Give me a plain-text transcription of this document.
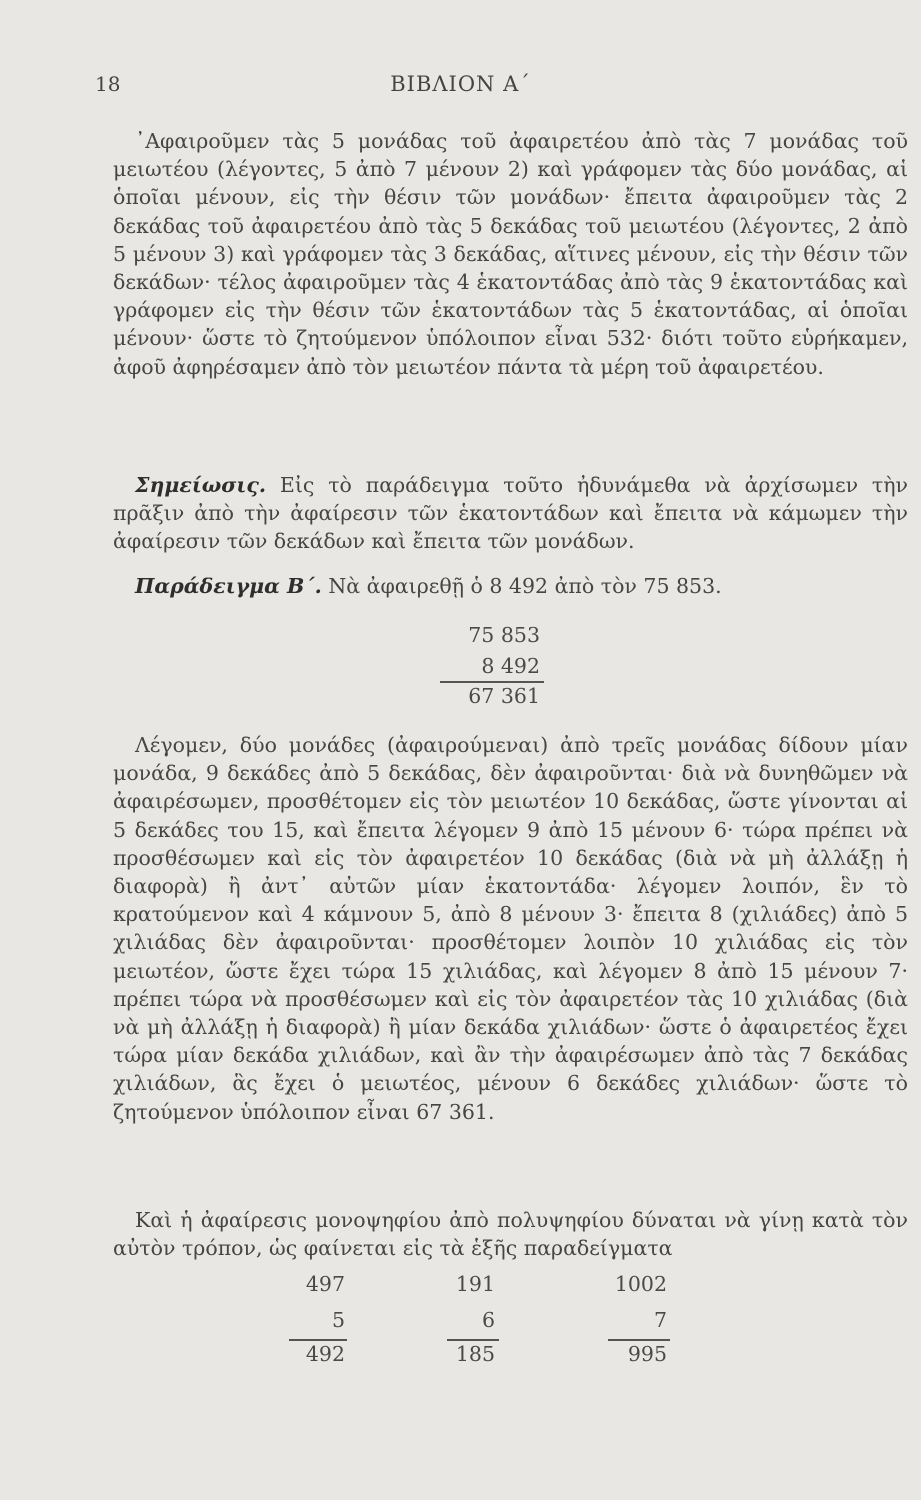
18	ΒΙΒΛΙΟΝ Α΄

᾿Αφαιροῦμεν τὰς 5 μονάδας τοῦ ἀφαιρετέου ἀπὸ τὰς 7 μονάδας τοῦ μειωτέου (λέγοντες, 5 ἀπὸ 7 μένουν 2) καὶ γράφομεν τὰς δύο μονάδας, αἱ ὁποῖαι μένουν, εἰς τὴν θέσιν τῶν μονάδων· ἔπειτα ἀφαιροῦμεν τὰς 2 δεκάδας τοῦ ἀφαιρετέου ἀπὸ τὰς 5 δεκάδας τοῦ μειωτέου (λέγοντες, 2 ἀπὸ 5 μένουν 3) καὶ γράφομεν τὰς 3 δεκάδας, αἵτινες μένουν, εἰς τὴν θέσιν τῶν δεκάδων· τέλος ἀφαιροῦμεν τὰς 4 ἑκατοντάδας ἀπὸ τὰς 9 ἑκατοντάδας καὶ γράφομεν εἰς τὴν θέσιν τῶν ἑκατοντάδων τὰς 5 ἑκατοντάδας, αἱ ὁποῖαι μένουν· ὥστε τὸ ζητούμενον ὑπόλοιπον εἶναι 532· διότι τοῦτο εὑρήκαμεν, ἀφοῦ ἀφηρέσαμεν ἀπὸ τὸν μειωτέον πάντα τὰ μέρη τοῦ ἀφαιρετέου.

Σημείωσις. Εἰς τὸ παράδειγμα τοῦτο ἠδυνάμεθα νὰ ἀρχίσωμεν τὴν πρᾶξιν ἀπὸ τὴν ἀφαίρεσιν τῶν ἑκατοντάδων καὶ ἔπειτα νὰ κάμωμεν τὴν ἀφαίρεσιν τῶν δεκάδων καὶ ἔπειτα τῶν μονάδων.

Παράδειγμα Β΄. Νὰ ἀφαιρεθῇ ὁ 8 492 ἀπὸ τὸν 75 853.

75 853
8 492
67 361

Λέγομεν, δύο μονάδες (ἀφαιρούμεναι) ἀπὸ τρεῖς μονάδας δίδουν μίαν μονάδα, 9 δεκάδες ἀπὸ 5 δεκάδας, δὲν ἀφαιροῦνται· διὰ νὰ δυνηθῶμεν νὰ ἀφαιρέσωμεν, προσθέτομεν εἰς τὸν μειωτέον 10 δεκάδας, ὥστε γίνονται αἱ 5 δεκάδες του 15, καὶ ἔπειτα λέγομεν 9 ἀπὸ 15 μένουν 6· τώρα πρέπει νὰ προσθέσωμεν καὶ εἰς τὸν ἀφαιρετέον 10 δεκάδας (διὰ νὰ μὴ ἀλλάξῃ ἡ διαφορὰ) ἢ ἀντ᾿ αὐτῶν μίαν ἑκατοντάδα· λέγομεν λοιπόν, ἓν τὸ κρατούμενον καὶ 4 κάμνουν 5, ἀπὸ 8 μένουν 3· ἔπειτα 8 (χιλιάδες) ἀπὸ 5 χιλιάδας δὲν ἀφαιροῦνται· προσθέτομεν λοιπὸν 10 χιλιάδας εἰς τὸν μειωτέον, ὥστε ἔχει τώρα 15 χιλιάδας, καὶ λέγομεν 8 ἀπὸ 15 μένουν 7· πρέπει τώρα νὰ προσθέσωμεν καὶ εἰς τὸν ἀφαιρετέον τὰς 10 χιλιάδας (διὰ νὰ μὴ ἀλλάξῃ ἡ διαφορὰ) ἢ μίαν δεκάδα χιλιάδων· ὥστε ὁ ἀφαιρετέος ἔχει τώρα μίαν δεκάδα χιλιάδων, καὶ ἂν τὴν ἀφαιρέσωμεν ἀπὸ τὰς 7 δεκάδας χιλιάδων, ἃς ἔχει ὁ μειωτέος, μένουν 6 δεκάδες χιλιάδων· ὥστε τὸ ζητούμενον ὑπόλοιπον εἶναι 67 361.

Καὶ ἡ ἀφαίρεσις μονοψηφίου ἀπὸ πολυψηφίου δύναται νὰ γίνῃ κατὰ τὸν αὐτὸν τρόπον, ὡς φαίνεται εἰς τὰ ἑξῆς παραδείγματα

497
5
492
191
6
185
1002
7
995
